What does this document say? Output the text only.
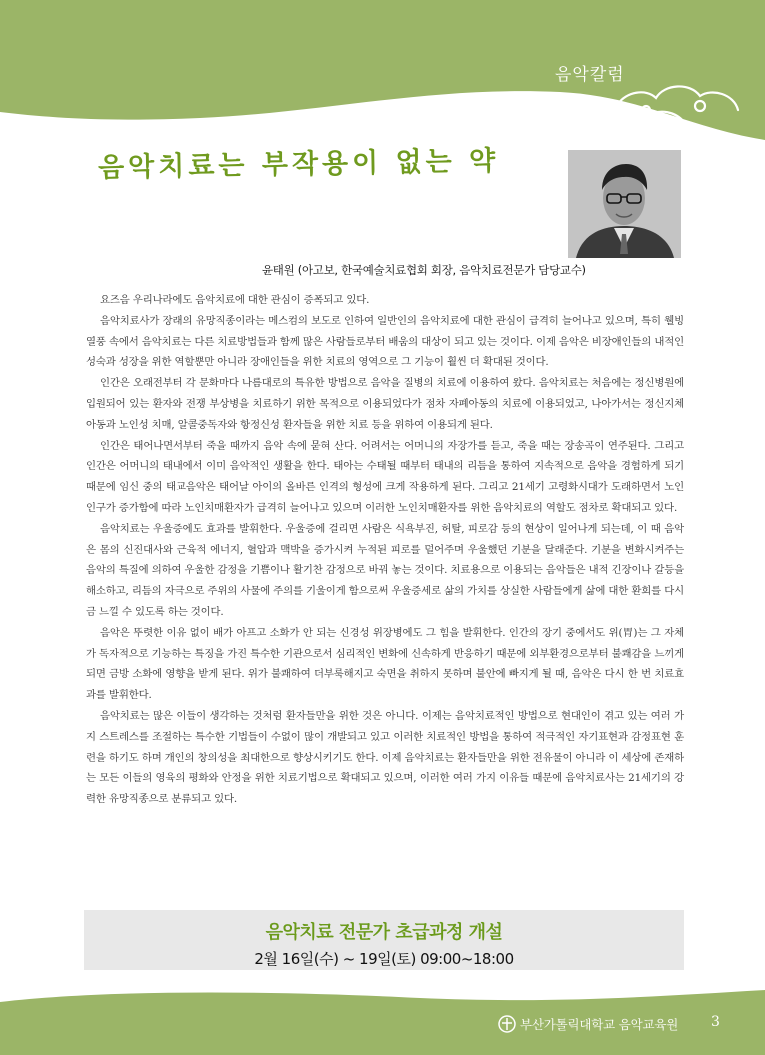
음악칼럼
음악치료는 부작용이 없는 약
윤태원 (아고보, 한국예술치료협회 회장, 음악치료전문가 담당교수)

요즈음 우리나라에도 음악치료에 대한 관심이 증폭되고 있다.

음악치료사가 장래의 유망직종이라는 메스컴의 보도로 인하여 일반인의 음악치료에 대한 관심이 급격히 늘어나고 있으며, 특히 웰빙 열풍 속에서 음악치료는 다른 치료방법들과 함께 많은 사람들로부터 배움의 대상이 되고 있는 것이다. 이제 음악은 비장애인들의 내적인 성숙과 성장을 위한 역할뿐만 아니라 장애인들을 위한 치료의 영역으로 그 기능이 훨씬 더 확대된 것이다.

인간은 오래전부터 각 문화마다 나름대로의 특유한 방법으로 음악을 질병의 치료에 이용하여 왔다. 음악치료는 처음에는 정신병원에 입원되어 있는 환자와 전쟁 부상병을 치료하기 위한 목적으로 이용되었다가 점차 자폐아동의 치료에 이용되었고, 나아가서는 정신지체 아동과 노인성 치매, 알콜중독자와 항정신성 환자들을 위한 치료 등을 위하여 이용되게 된다.

인간은 태어나면서부터 죽을 때까지 음악 속에 묻혀 산다. 어려서는 어머니의 자장가를 듣고, 죽을 때는 장송곡이 연주된다. 그리고 인간은 어머니의 태내에서 이미 음악적인 생활을 한다. 태아는 수태될 때부터 태내의 리듬을 통하여 지속적으로 음악을 경험하게 되기 때문에 임신 중의 태교음악은 태어날 아이의 올바른 인격의 형성에 크게 작용하게 된다. 그리고 21세기 고령화시대가 도래하면서 노인인구가 증가함에 따라 노인치매환자가 급격히 늘어나고 있으며 이러한 노인치매환자를 위한 음악치료의 역할도 점차로 확대되고 있다.

음악치료는 우울증에도 효과를 발휘한다. 우울증에 걸리면 사람은 식욕부진, 허탈, 피로감 등의 현상이 일어나게 되는데, 이 때 음악은 몸의 신진대사와 근육적 에너지, 혈압과 맥박을 증가시켜 누적된 피로를 덜어주며 우울했던 기분을 달래준다. 기분을 변화시켜주는 음악의 특질에 의하여 우울한 감정을 기쁨이나 활기찬 감정으로 바꿔 놓는 것이다. 치료용으로 이용되는 음악들은 내적 긴장이나 갈등을 해소하고, 리듬의 자극으로 주위의 사물에 주의를 기울이게 함으로써 우울증세로 삶의 가치를 상실한 사람들에게 삶에 대한 환희를 다시금 느낄 수 있도록 하는 것이다.

음악은 뚜렷한 이유 없이 배가 아프고 소화가 안 되는 신경성 위장병에도 그 힘을 발휘한다. 인간의 장기 중에서도 위(胃)는 그 자체가 독자적으로 기능하는 특징을 가진 특수한 기관으로서 심리적인 변화에 신속하게 반응하기 때문에 외부환경으로부터 불쾌감을 느끼게 되면 금방 소화에 영향을 받게 된다. 위가 불쾌하여 더부룩해지고 숙면을 취하지 못하며 불안에 빠지게 될 때, 음악은 다시 한 번 치료효과를 발휘한다.

음악치료는 많은 이들이 생각하는 것처럼 환자들만을 위한 것은 아니다. 이제는 음악치료적인 방법으로 현대인이 겪고 있는 여러 가지 스트레스를 조절하는 특수한 기법들이 수없이 많이 개발되고 있고 이러한 치료적인 방법을 통하여 적극적인 자기표현과 감정표현 훈련을 하기도 하며 개인의 창의성을 최대한으로 향상시키기도 한다. 이제 음악치료는 환자들만을 위한 전유물이 아니라 이 세상에 존재하는 모든 이들의 영육의 평화와 안정을 위한 치료기법으로 확대되고 있으며, 이러한 여러 가지 이유들 때문에 음악치료사는 21세기의 강력한 유망직종으로 분류되고 있다.

음악치료 전문가 초급과정 개설
2월 16일(수) ~ 19일(토) 09:00~18:00
부산가톨릭대학교 음악교육원 3
